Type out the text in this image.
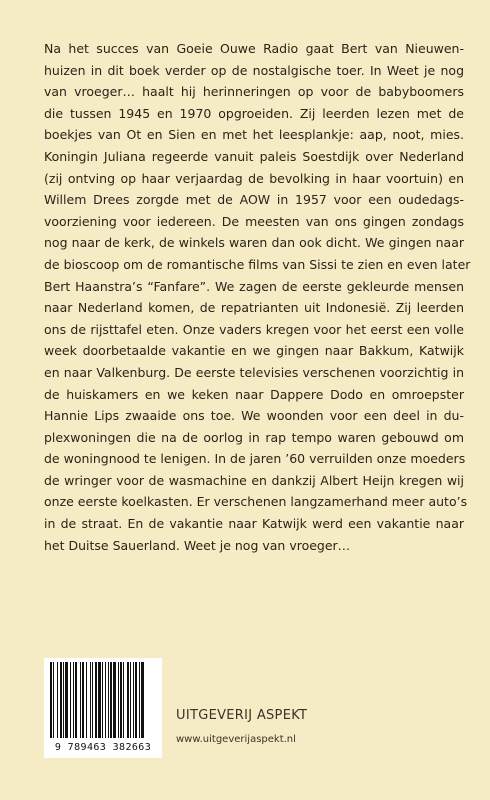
Na het succes van Goeie Ouwe Radio gaat Bert van Nieuwen-
huizen in dit boek verder op de nostalgische toer. In Weet je nog
van vroeger… haalt hij herinneringen op voor de babyboomers
die tussen 1945 en 1970 opgroeiden. Zij leerden lezen met de
boekjes van Ot en Sien en met het leesplankje: aap, noot, mies.
Koningin Juliana regeerde vanuit paleis Soestdijk over Nederland
(zij ontving op haar verjaardag de bevolking in haar voortuin) en
Willem Drees zorgde met de AOW in 1957 voor een oudedags-
voorziening voor iedereen. De meesten van ons gingen zondags
nog naar de kerk, de winkels waren dan ook dicht. We gingen naar
de bioscoop om de romantische films van Sissi te zien en even later
Bert Haanstra’s “Fanfare”. We zagen de eerste gekleurde mensen
naar Nederland komen, de repatrianten uit Indonesië. Zij leerden
ons de rijsttafel eten. Onze vaders kregen voor het eerst een volle
week doorbetaalde vakantie en we gingen naar Bakkum, Katwijk
en naar Valkenburg. De eerste televisies verschenen voorzichtig in
de huiskamers en we keken naar Dappere Dodo en omroepster
Hannie Lips zwaaide ons toe. We woonden voor een deel in du-
plexwoningen die na de oorlog in rap tempo waren gebouwd om
de woningnood te lenigen. In de jaren ’60 verruilden onze moeders
de wringer voor de wasmachine en dankzij Albert Heijn kregen wij
onze eerste koelkasten. Er verschenen langzamerhand meer auto’s
in de straat. En de vakantie naar Katwijk werd een vakantie naar
het Duitse Sauerland. Weet je nog van vroeger…

9 789463 382663
UITGEVERIJ ASPEKT
www.uitgeverijaspekt.nl
